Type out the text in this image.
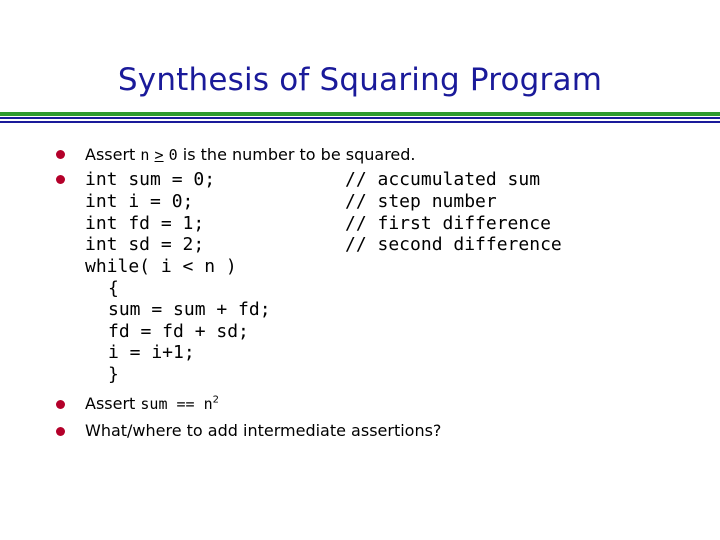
Synthesis of Squaring Program
Assert n ≥ 0 is the number to be squared.
int sum = 0;	// accumulated sum
int i = 0;	// step number
int fd = 1;	// first difference
int sd = 2;	// second difference
while( i < n )
{
sum = sum + fd;
fd = fd + sd;
i = i+1;
}
Assert sum == $n^2$
What/where to add intermediate assertions?
